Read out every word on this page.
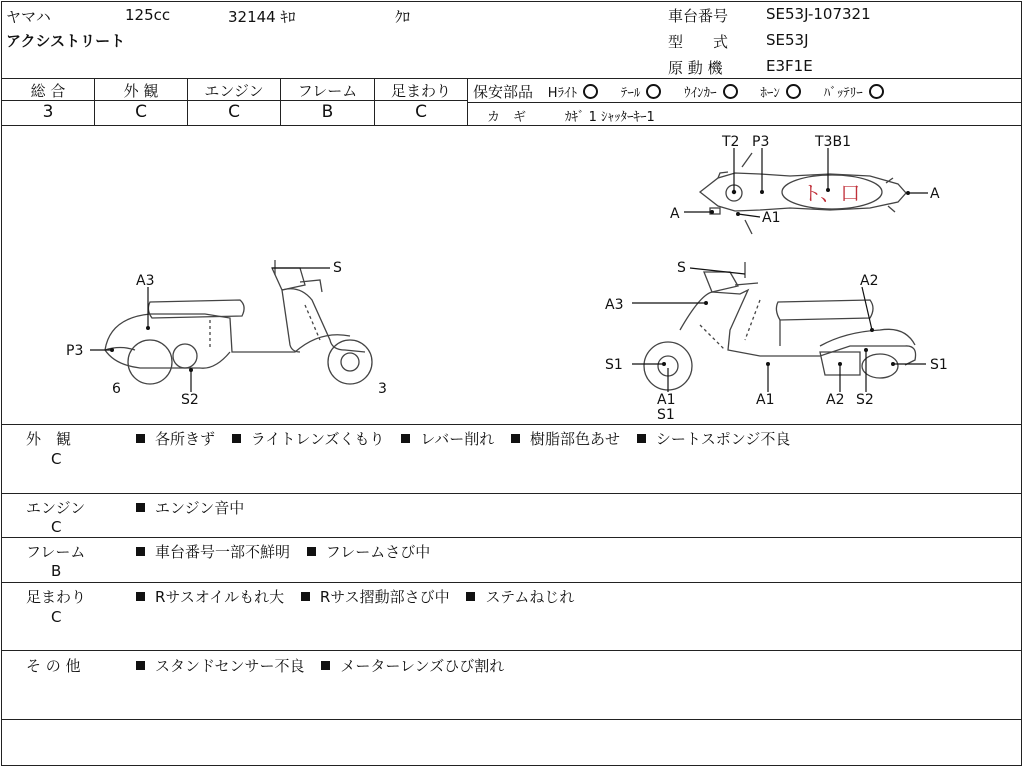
ヤマハ	125cc	32144 ｷﾛ	ｸﾛ
アクシストリート
車台番号	SE53J-107321
型　　式	SE53J
原 動 機	E3F1E
総 合	外 観	エンジン	フレーム	足まわり
3	C	C	B	C
保安部品 Hﾗｲﾄ	ﾃｰﾙ	ｳｲﾝｶｰ	ﾎｰﾝ	ﾊﾞｯﾃﾘｰ
カ　ギ	ｶｷﾞ 1 ｼｬｯﾀｰｷｰ1
T2 P3	T3B1
A
A	A1
ト、口
S
A3
P3
6
S2
3
S
A2
A3
S1	S1
A1
S1
A1	A2 S2
外　観
C
各所きず ライトレンズくもり レバー削れ 樹脂部色あせ シートスポンジ不良
エンジン
C
エンジン音中
フレーム
B
車台番号一部不鮮明 フレームさび中
足まわり
C
Rサスオイルもれ大 Rサス摺動部さび中 ステムねじれ
そ の 他	スタンドセンサー不良 メーターレンズひび割れ
